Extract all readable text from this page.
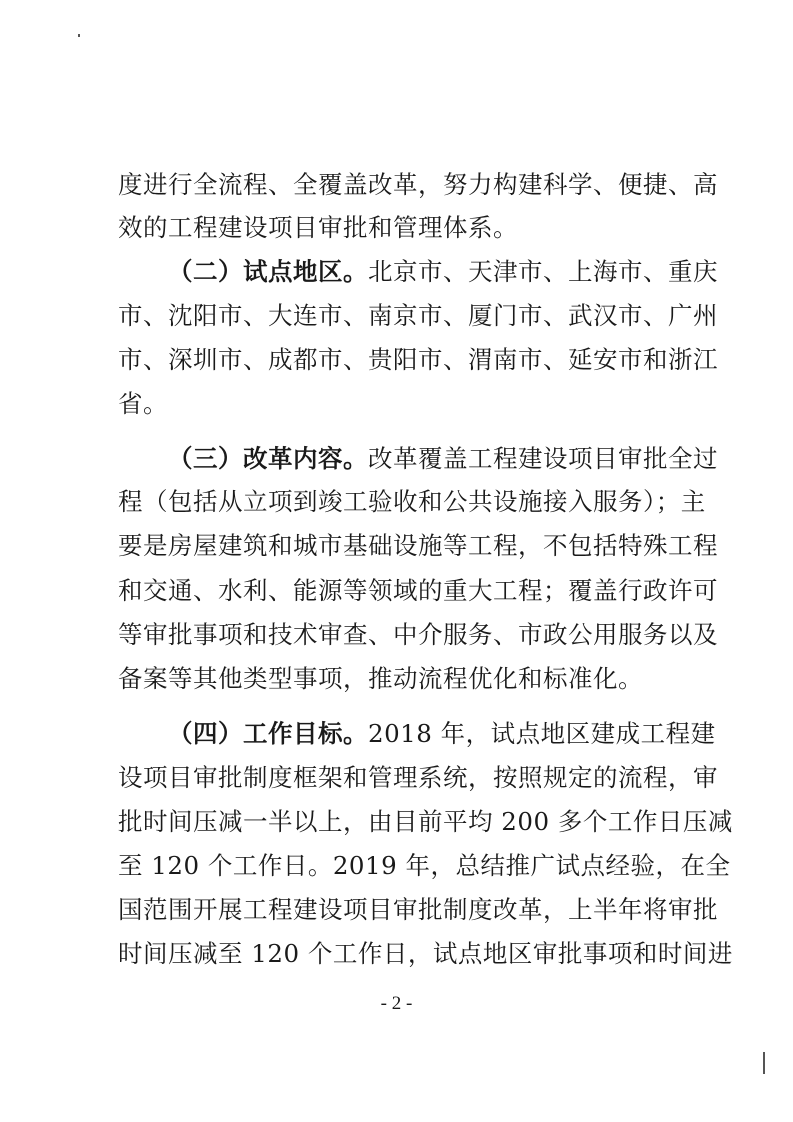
度进行全流程、全覆盖改革，努力构建科学、便捷、高
效的工程建设项目审批和管理体系。
（二）试点地区。北京市、天津市、上海市、重庆
市、沈阳市、大连市、南京市、厦门市、武汉市、广州
市、深圳市、成都市、贵阳市、渭南市、延安市和浙江
省。
（三）改革内容。改革覆盖工程建设项目审批全过
程（包括从立项到竣工验收和公共设施接入服务）；主
要是房屋建筑和城市基础设施等工程，不包括特殊工程
和交通、水利、能源等领域的重大工程；覆盖行政许可
等审批事项和技术审查、中介服务、市政公用服务以及
备案等其他类型事项，推动流程优化和标准化。
（四）工作目标。2018 年，试点地区建成工程建
设项目审批制度框架和管理系统，按照规定的流程，审
批时间压减一半以上，由目前平均 200 多个工作日压减
至 120 个工作日。2019 年，总结推广试点经验，在全
国范围开展工程建设项目审批制度改革，上半年将审批
时间压减至 120 个工作日，试点地区审批事项和时间进
- 2 -
